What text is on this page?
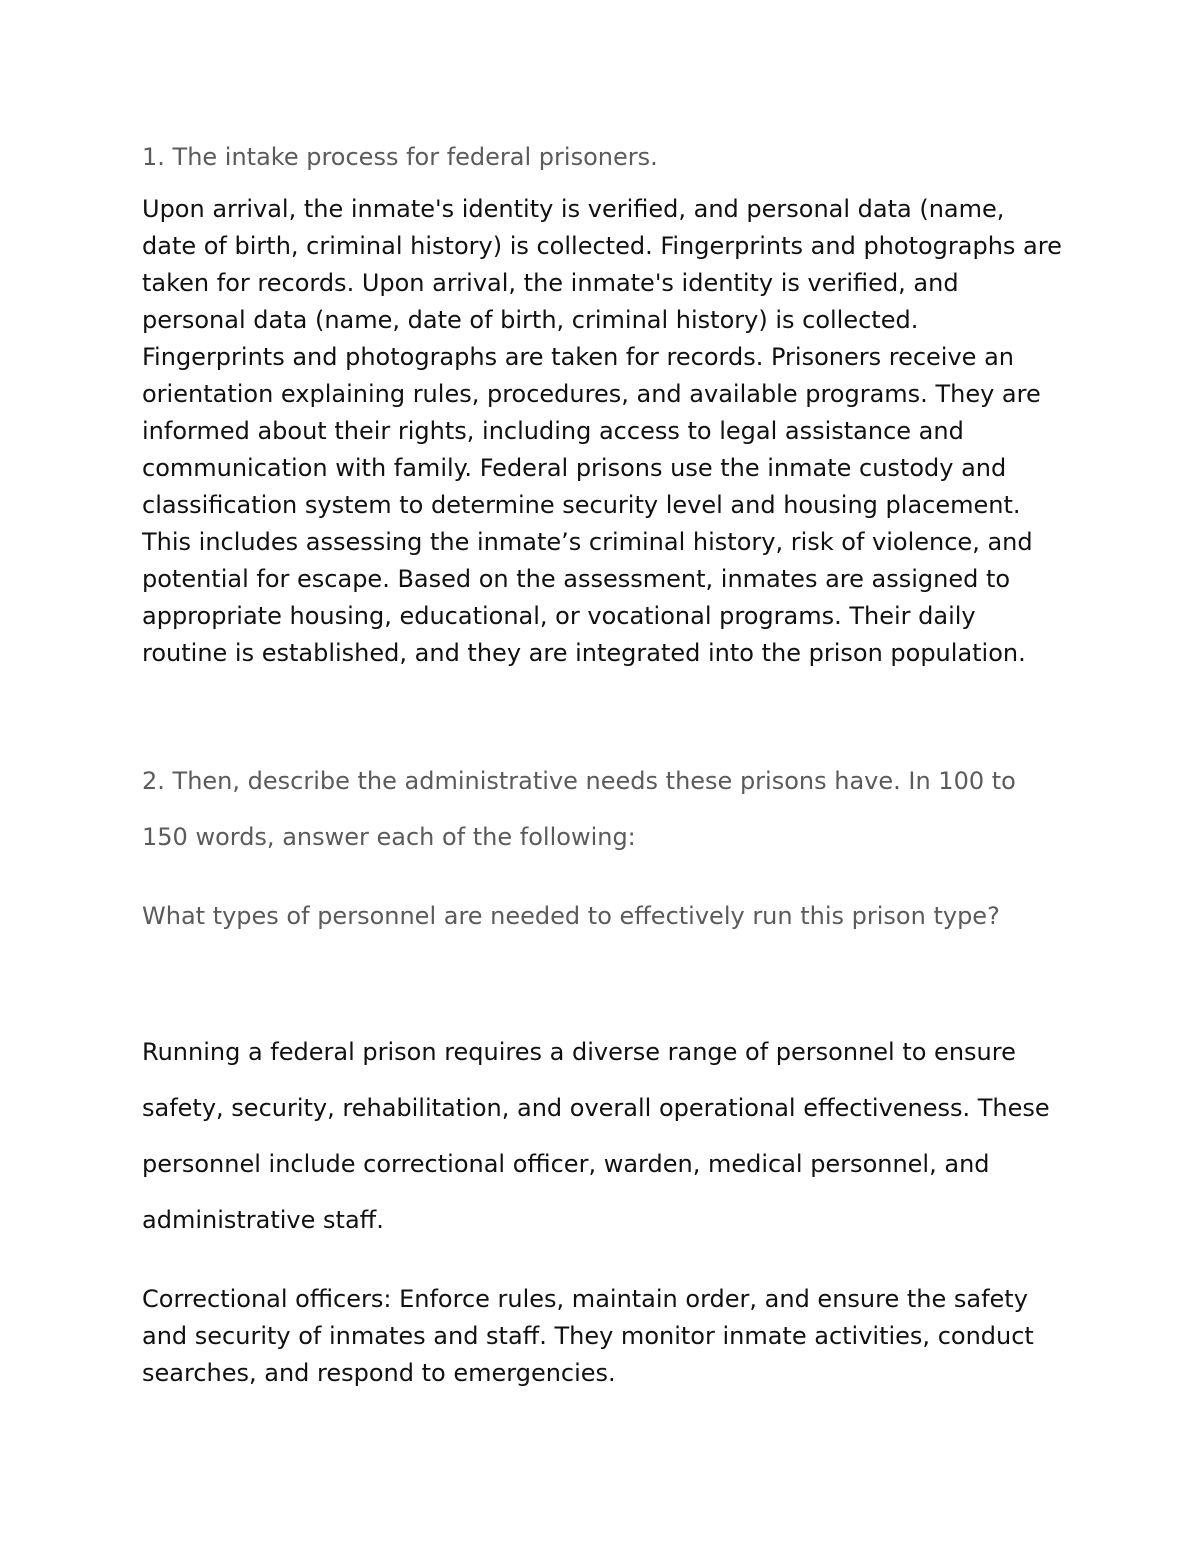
1. The intake process for federal prisoners.

Upon arrival, the inmate's identity is verified, and personal data (name, date of birth, criminal history) is collected. Fingerprints and photographs are taken for records. Upon arrival, the inmate's identity is verified, and personal data (name, date of birth, criminal history) is collected. Fingerprints and photographs are taken for records. Prisoners receive an orientation explaining rules, procedures, and available programs. They are informed about their rights, including access to legal assistance and communication with family. Federal prisons use the inmate custody and classification system to determine security level and housing placement. This includes assessing the inmate’s criminal history, risk of violence, and potential for escape. Based on the assessment, inmates are assigned to appropriate housing, educational, or vocational programs. Their daily routine is established, and they are integrated into the prison population.

2. Then, describe the administrative needs these prisons have. In 100 to 150 words, answer each of the following:

What types of personnel are needed to effectively run this prison type?

Running a federal prison requires a diverse range of personnel to ensure safety, security, rehabilitation, and overall operational effectiveness. These personnel include correctional officer, warden, medical personnel, and administrative staff.

Correctional officers: Enforce rules, maintain order, and ensure the safety and security of inmates and staff. They monitor inmate activities, conduct searches, and respond to emergencies.
